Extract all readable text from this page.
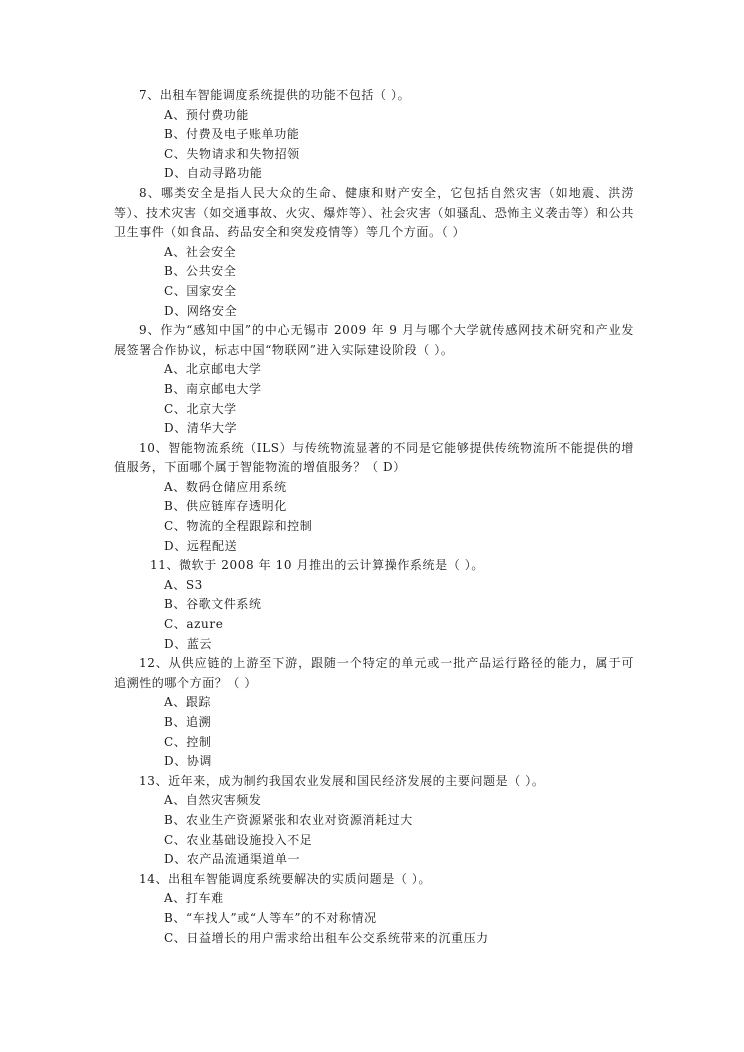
7、出租车智能调度系统提供的功能不包括（ ）。

A、预付费功能

B、付费及电子账单功能

C、失物请求和失物招领

D、自动寻路功能

8、哪类安全是指人民大众的生命、健康和财产安全，它包括自然灾害（如地震、洪涝等）、技术灾害（如交通事故、火灾、爆炸等）、社会灾害（如骚乱、恐怖主义袭击等）和公共卫生事件（如食品、药品安全和突发疫情等）等几个方面。（ ）

A、社会安全

B、公共安全

C、国家安全

D、网络安全

9、作为“感知中国”的中心无锡市 2009 年 9 月与哪个大学就传感网技术研究和产业发展签署合作协议，标志中国“物联网”进入实际建设阶段（ ）。

A、北京邮电大学

B、南京邮电大学

C、北京大学

D、清华大学

10、智能物流系统（ILS）与传统物流显著的不同是它能够提供传统物流所不能提供的增值服务，下面哪个属于智能物流的增值服务？（ D）

A、数码仓储应用系统

B、供应链库存透明化

C、物流的全程跟踪和控制

D、远程配送

11、微软于 2008 年 10 月推出的云计算操作系统是（ ）。

A、S3

B、谷歌文件系统

C、azure

D、蓝云

12、从供应链的上游至下游，跟随一个特定的单元或一批产品运行路径的能力，属于可追溯性的哪个方面？（ ）

A、跟踪

B、追溯

C、控制

D、协调

13、近年来，成为制约我国农业发展和国民经济发展的主要问题是（ ）。

A、自然灾害频发

B、农业生产资源紧张和农业对资源消耗过大

C、农业基础设施投入不足

D、农产品流通渠道单一

14、出租车智能调度系统要解决的实质问题是（ ）。

A、打车难

B、“车找人”或“人等车”的不对称情况

C、日益增长的用户需求给出租车公交系统带来的沉重压力
